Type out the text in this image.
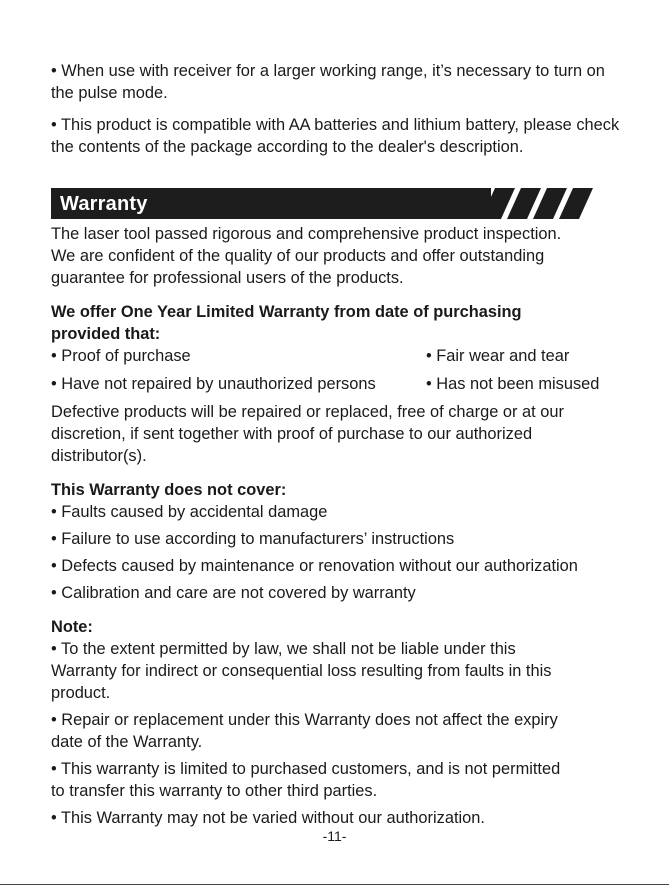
• When use with receiver for a larger working range, it’s necessary to turn on the pulse mode.

• This product is compatible with AA batteries and lithium battery, please check the contents of the package according to the dealer's description.

Warranty

The laser tool passed rigorous and comprehensive product inspection.

We are confident of the quality of our products and offer outstanding

guarantee for professional users of the products.

We offer One Year Limited Warranty from date of purchasing

provided that:

• Proof of purchase	• Fair wear and tear
• Have not repaired by unauthorized persons	• Has not been misused

Defective products will be repaired or replaced, free of charge or at our

discretion, if sent together with proof of purchase to our authorized

distributor(s).

This Warranty does not cover:

• Faults caused by accidental damage

• Failure to use according to manufacturers’ instructions

• Defects caused by maintenance or renovation without our authorization

• Calibration and care are not covered by warranty

Note:

• To the extent permitted by law, we shall not be liable under this

Warranty for indirect or consequential loss resulting from faults in this

product.

• Repair or replacement under this Warranty does not affect the expiry

date of the Warranty.

• This warranty is limited to purchased customers, and is not permitted

to transfer this warranty to other third parties.

• This Warranty may not be varied without our authorization.

-11-
